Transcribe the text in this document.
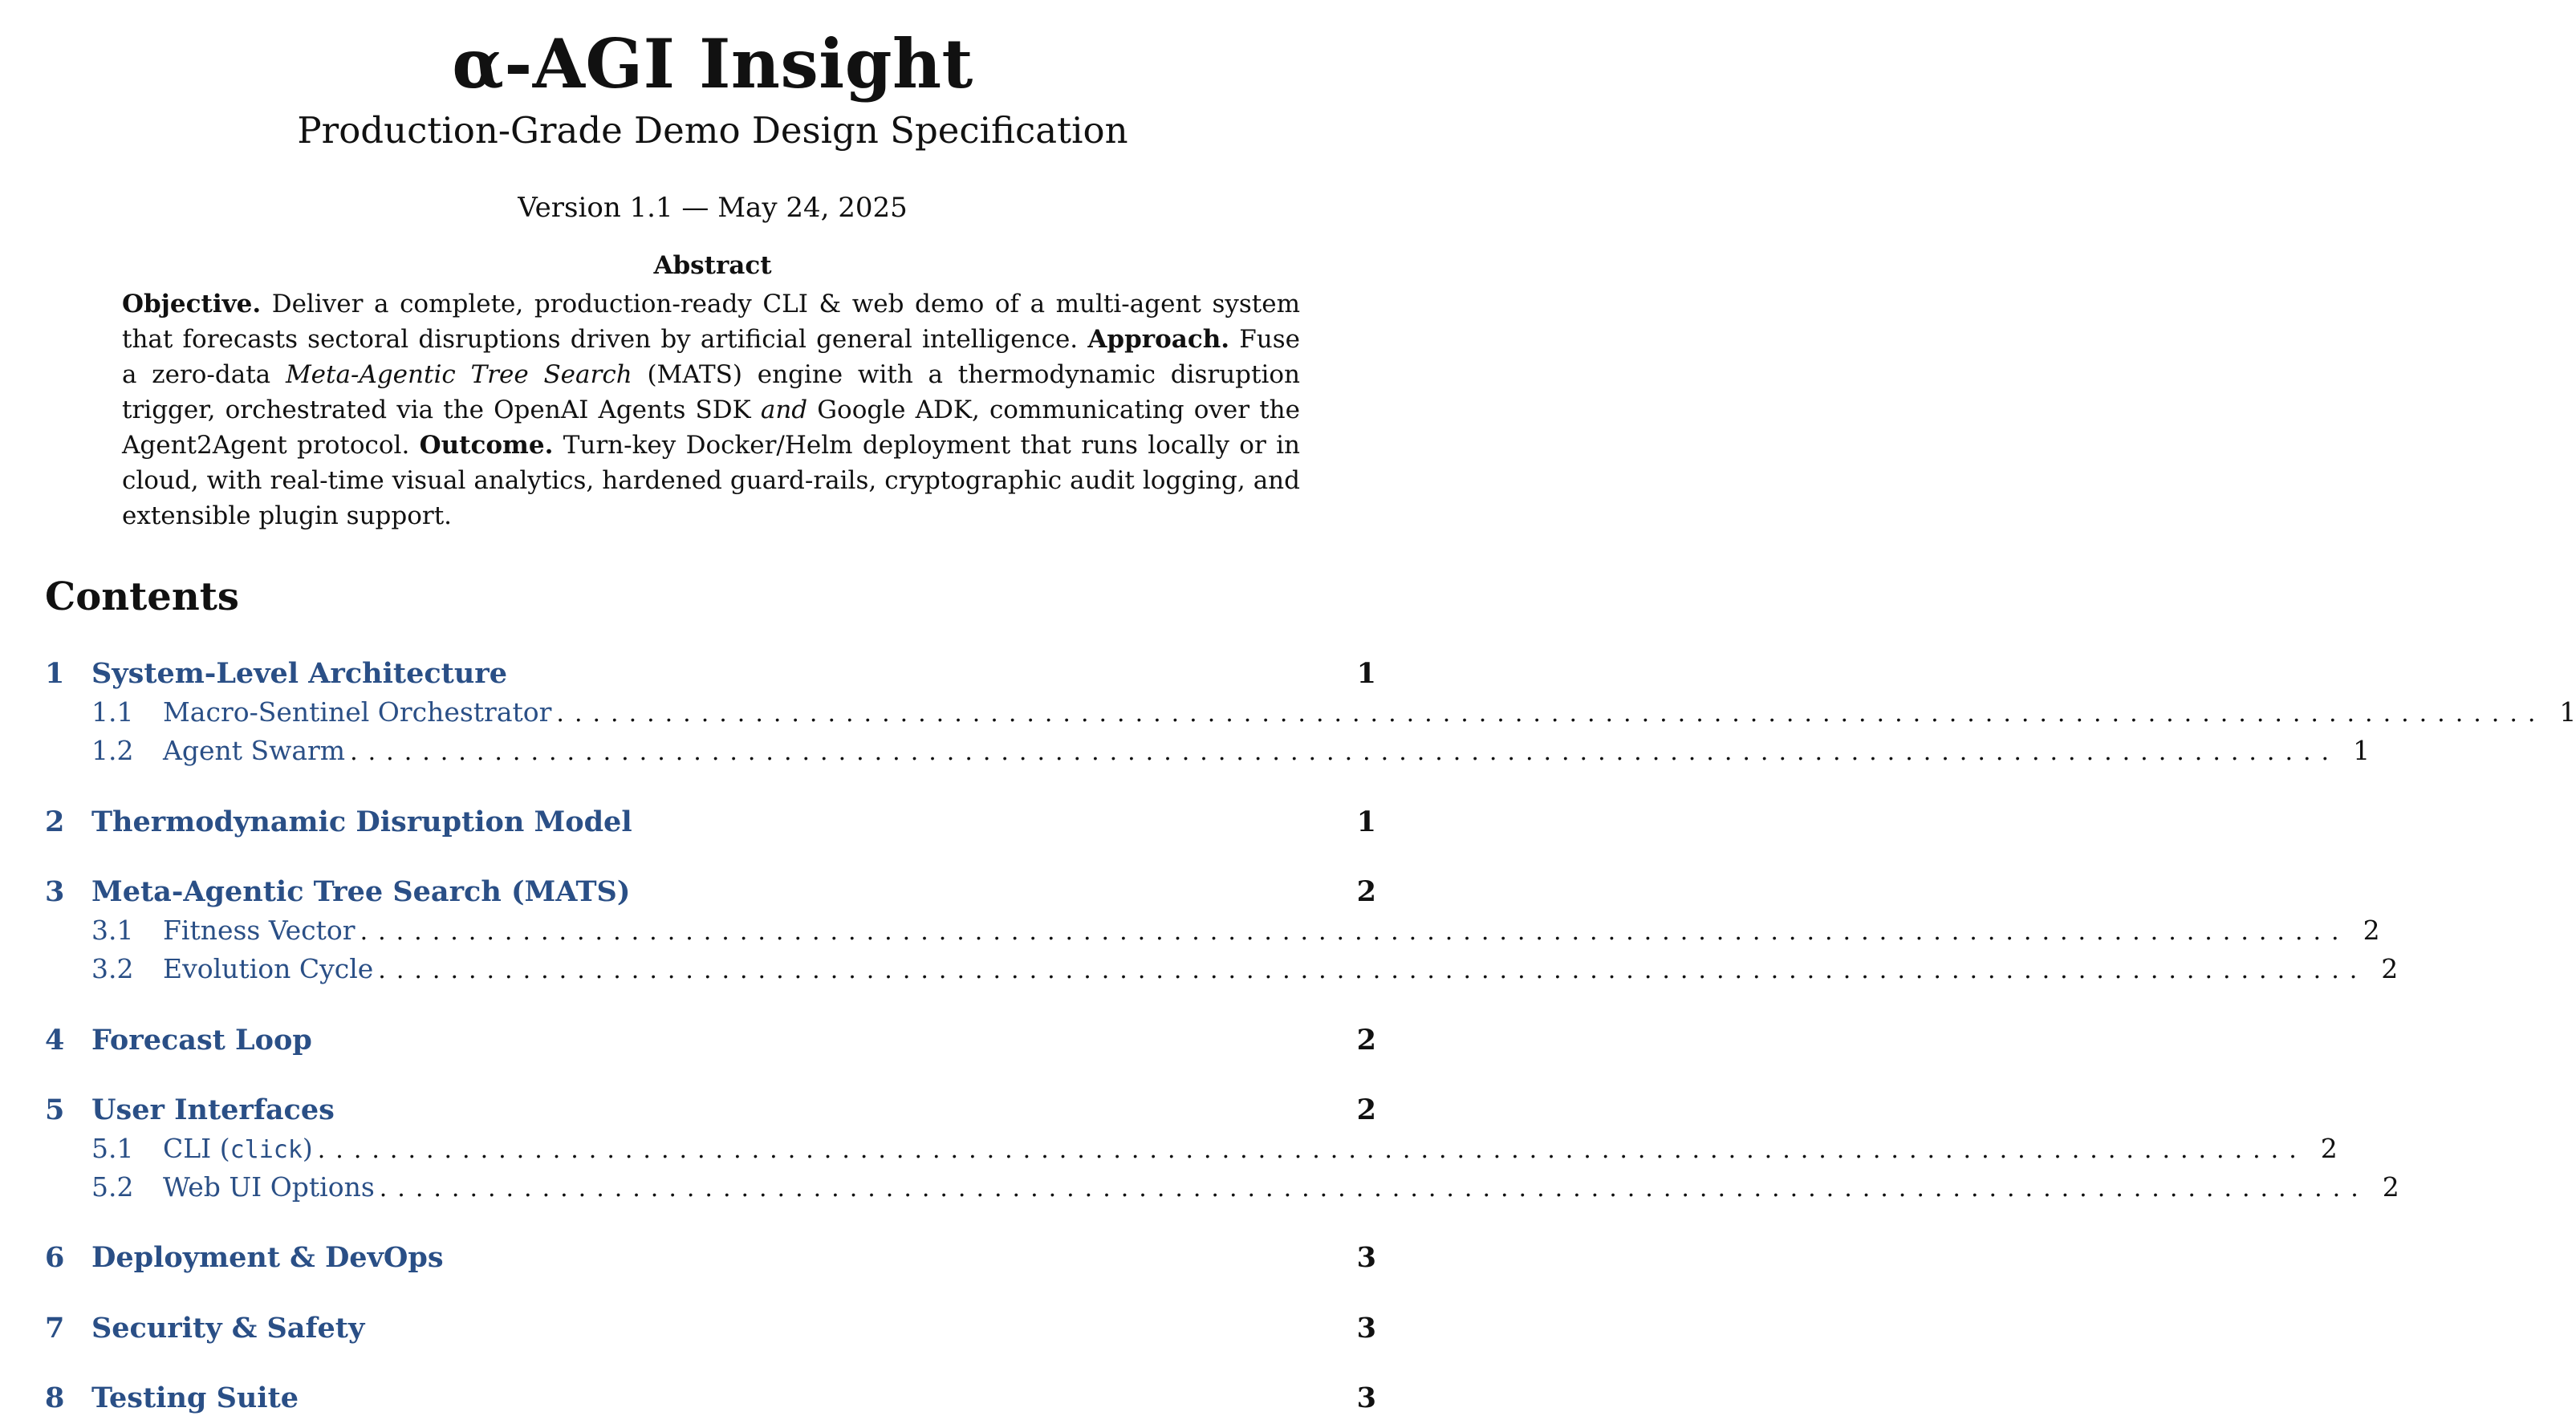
α-AGI Insight
Production-Grade Demo Design Specification
Version 1.1 — May 24, 2025
Abstract
Objective. Deliver a complete, production-ready CLI & web demo of a multi-agent system that forecasts sectoral disruptions driven by artificial general intelligence. Approach. Fuse a zero-data Meta-Agentic Tree Search (MATS) engine with a thermodynamic disruption trigger, orchestrated via the OpenAI Agents SDK and Google ADK, communicating over the Agent2Agent protocol. Outcome. Turn-key Docker/Helm deployment that runs locally or in cloud, with real-time visual analytics, hardened guard-rails, cryptographic audit logging, and extensible plugin support.
Contents
1 System-Level Architecture	1
1.1	Macro-Sentinel Orchestrator .............................................................................................................. 1
1.2	Agent Swarm .............................................................................................................. 1
2 Thermodynamic Disruption Model	1
3 Meta-Agentic Tree Search (MATS)	2
3.1	Fitness Vector .............................................................................................................. 2
3.2	Evolution Cycle .............................................................................................................. 2
4 Forecast Loop	2
5 User Interfaces	2
5.1	CLI (click) .............................................................................................................. 2
5.2	Web UI Options .............................................................................................................. 2
6 Deployment & DevOps	3
7 Security & Safety	3
8 Testing Suite	3
